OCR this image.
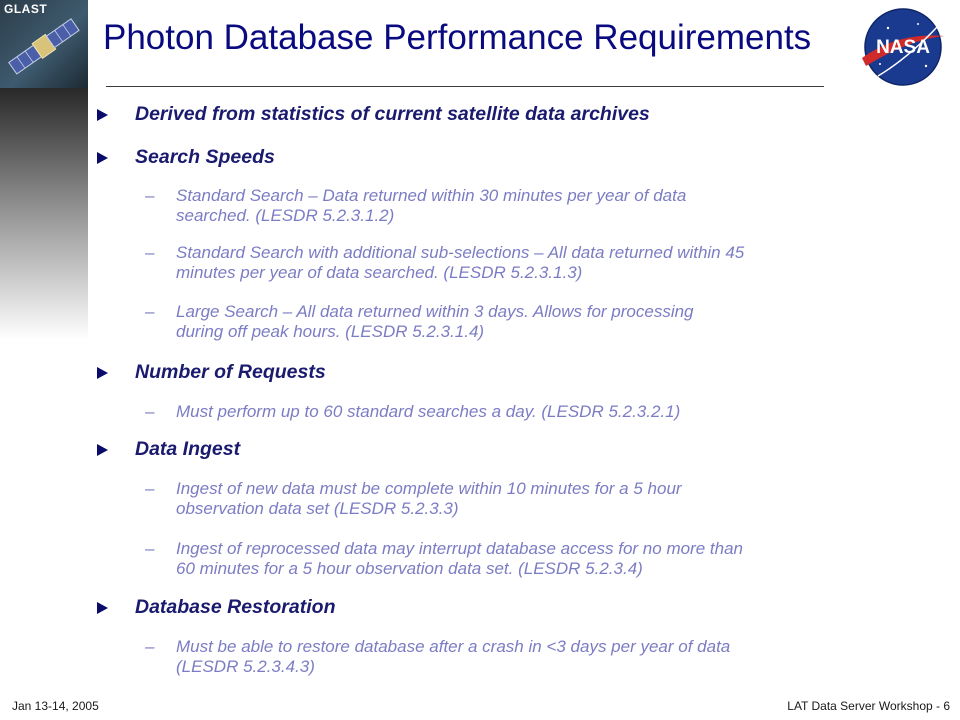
GLAST
Photon Database Performance Requirements	NASA
Derived from statistics of current satellite data archives
Search Speeds
– Standard Search – Data returned within 30 minutes per year of data
searched. (LESDR 5.2.3.1.2)
– Standard Search with additional sub-selections – All data returned within 45
minutes per year of data searched. (LESDR 5.2.3.1.3)
– Large Search – All data returned within 3 days. Allows for processing
during off peak hours. (LESDR 5.2.3.1.4)
Number of Requests
– Must perform up to 60 standard searches a day. (LESDR 5.2.3.2.1)
Data Ingest
– Ingest of new data must be complete within 10 minutes for a 5 hour
observation data set (LESDR 5.2.3.3)
– Ingest of reprocessed data may interrupt database access for no more than
60 minutes for a 5 hour observation data set. (LESDR 5.2.3.4)
Database Restoration
– Must be able to restore database after a crash in <3 days per year of data
(LESDR 5.2.3.4.3)
Jan 13-14, 2005	LAT Data Server Workshop - 6
